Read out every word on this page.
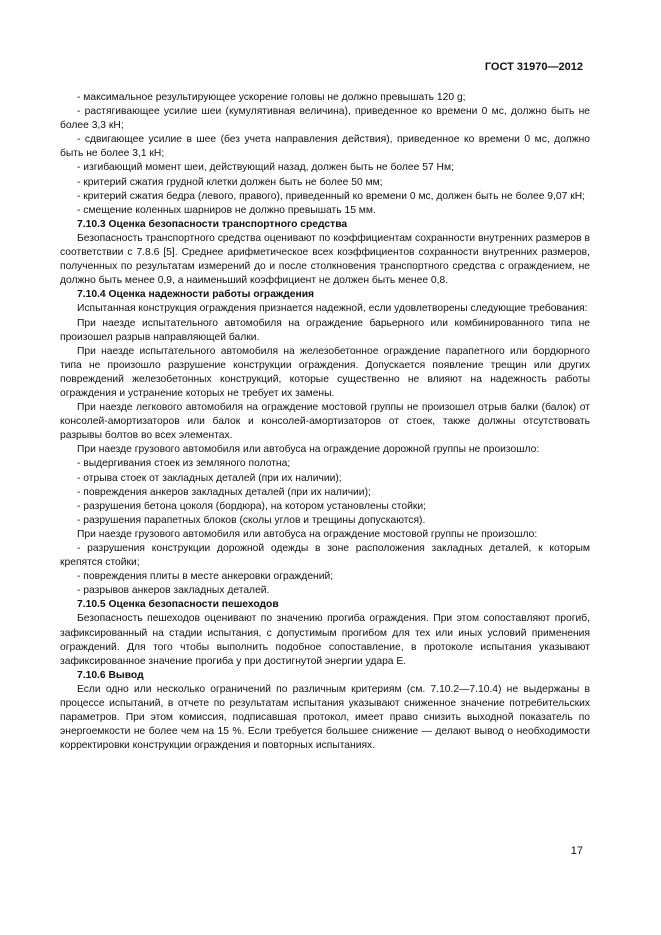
ГОСТ 31970—2012

- максимальное результирующее ускорение головы не должно превышать 120 g;

- растягивающее усилие шеи (кумулятивная величина), приведенное ко времени 0 мс, должно быть не более 3,3 кН;

- сдвигающее усилие в шее (без учета направления действия), приведенное ко времени 0 мс, должно быть не более 3,1 кН;

- изгибающий момент шеи, действующий назад, должен быть не более 57 Нм;

- критерий сжатия грудной клетки должен быть не более 50 мм;

- критерий сжатия бедра (левого, правого), приведенный ко времени 0 мс, должен быть не более 9,07 кН;

- смещение коленных шарниров не должно превышать 15 мм.

7.10.3 Оценка безопасности транспортного средства

Безопасность транспортного средства оценивают по коэффициентам сохранности внутренних размеров в соответствии с 7.8.6 [5]. Среднее арифметическое всех коэффициентов сохранности внутренних размеров, полученных по результатам измерений до и после столкновения транспортного средства с ограждением, не должно быть менее 0,9, а наименьший коэффициент не должен быть менее 0,8.

7.10.4 Оценка надежности работы ограждения

Испытанная конструкция ограждения признается надежной, если удовлетворены следующие требования:

При наезде испытательного автомобиля на ограждение барьерного или комбинированного типа не произошел разрыв направляющей балки.

При наезде испытательного автомобиля на железобетонное ограждение парапетного или бордюрного типа не произошло разрушение конструкции ограждения. Допускается появление трещин или других повреждений железобетонных конструкций, которые существенно не влияют на надежность работы ограждения и устранение которых не требует их замены.

При наезде легкового автомобиля на ограждение мостовой группы не произошел отрыв балки (балок) от консолей-амортизаторов или балок и консолей-амортизаторов от стоек, также должны отсутствовать разрывы болтов во всех элементах.

При наезде грузового автомобиля или автобуса на ограждение дорожной группы не произошло:

- выдергивания стоек из земляного полотна;

- отрыва стоек от закладных деталей (при их наличии);

- повреждения анкеров закладных деталей (при их наличии);

- разрушения бетона цоколя (бордюра), на котором установлены стойки;

- разрушения парапетных блоков (сколы углов и трещины допускаются).

При наезде грузового автомобиля или автобуса на ограждение мостовой группы не произошло:

- разрушения конструкции дорожной одежды в зоне расположения закладных деталей, к которым крепятся стойки;

- повреждения плиты в месте анкеровки ограждений;

- разрывов анкеров закладных деталей.

7.10.5 Оценка безопасности пешеходов

Безопасность пешеходов оценивают по значению прогиба ограждения. При этом сопоставляют прогиб, зафиксированный на стадии испытания, с допустимым прогибом для тех или иных условий применения ограждений. Для того чтобы выполнить подобное сопоставление, в протоколе испытания указывают зафиксированное значение прогиба y при достигнутой энергии удара E.

7.10.6 Вывод

Если одно или несколько ограничений по различным критериям (см. 7.10.2—7.10.4) не выдержаны в процессе испытаний, в отчете по результатам испытания указывают сниженное значение потребительских параметров. При этом комиссия, подписавшая протокол, имеет право снизить выходной показатель по энергоемкости не более чем на 15 %. Если требуется большее снижение — делают вывод о необходимости корректировки конструкции ограждения и повторных испытаниях.

17
